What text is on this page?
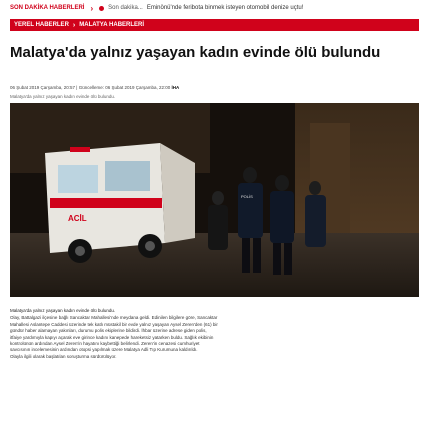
SON DAKİKA HABERLERİ ›	Son dakika... Eminönü'nde feribota binmek isteyen otomobil denize uçtu!
YEREL HABERLER › MALATYA HABERLERİ
Malatya'da yalnız yaşayan kadın evinde ölü bulundu
06 Şubat 2019 Çarşamba, 20:57 | Güncelleme: 06 Şubat 2019 Çarşamba, 22:00 İHA
Malatya'da yalnız yaşayan kadın evinde ölü bulundu.
ACİL
POLİS

Malatya'da yalnız yaşayan kadın evinde ölü bulundu.

Olay, Battalgazi ilçesine bağlı Sancaktar Mahallesi'nde meydana geldi. Edinilen bilgilere göre, Sancaktar

Mahallesi Aslantepe Caddesi üzerinde tek katlı müstakil bir evde yalnız yaşayan Aysel Zeren'den (61) bir

gündür haber alamayan yakınları, durumu polis ekiplerine bildirdi. İhbar üzerine adrese giden polis,

itfaiye yardımıyla kapıyı açarak eve girince kadını kanepede hareketsiz yatarken buldu. Sağlık ekibinin

kontrolünün ardından Aysel Zeren'in hayatını kaybettiği belirlendi. Zeren'in cenazesi cumhuriyet

savcısının incelemesinin ardından otopsi yapılmak üzere Malatya Adli Tıp Kurumuna kaldırıldı.

Olayla ilgili olarak başlatılan soruşturma sürdürülüyor.
